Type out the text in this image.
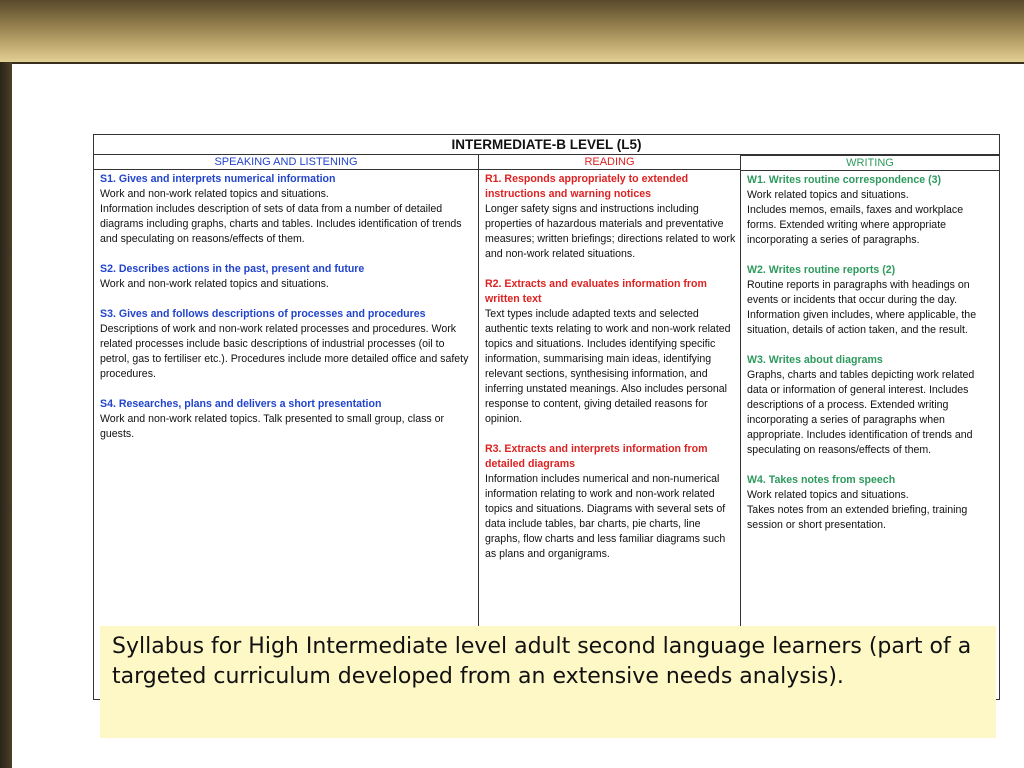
INTERMEDIATE-B LEVEL (L5)
SPEAKING AND LISTENING
S1. Gives and interprets numerical information
Work and non-work related topics and situations.
Information includes description of sets of data from a number of detailed diagrams including graphs, charts and tables. Includes identification of trends and speculating on reasons/effects of them.
S2. Describes actions in the past, present and future
Work and non-work related topics and situations.
S3. Gives and follows descriptions of processes and procedures
Descriptions of work and non-work related processes and procedures. Work related processes include basic descriptions of industrial processes (oil to petrol, gas to fertiliser etc.). Procedures include more detailed office and safety procedures.
S4. Researches, plans and delivers a short presentation
Work and non-work related topics. Talk presented to small group, class or guests.
READING
R1. Responds appropriately to extended instructions and warning notices
Longer safety signs and instructions including properties of hazardous materials and preventative measures; written briefings; directions related to work and non-work related situations.
R2. Extracts and evaluates information from written text
Text types include adapted texts and selected authentic texts relating to work and non-work related topics and situations. Includes identifying specific information, summarising main ideas, identifying relevant sections, synthesising information, and inferring unstated meanings. Also includes personal response to content, giving detailed reasons for opinion.
R3. Extracts and interprets information from detailed diagrams
Information includes numerical and non-numerical information relating to work and non-work related topics and situations. Diagrams with several sets of data include tables, bar charts, pie charts, line graphs, flow charts and less familiar diagrams such as plans and organigrams.
WRITING
W1. Writes routine correspondence (3)
Work related topics and situations.
Includes memos, emails, faxes and workplace forms. Extended writing where appropriate incorporating a series of paragraphs.
W2. Writes routine reports (2)
Routine reports in paragraphs with headings on events or incidents that occur during the day.
Information given includes, where applicable, the situation, details of action taken, and the result.
W3. Writes about diagrams
Graphs, charts and tables depicting work related data or information of general interest. Includes descriptions of a process. Extended writing incorporating a series of paragraphs when appropriate. Includes identification of trends and speculating on reasons/effects of them.
W4. Takes notes from speech
Work related topics and situations.
Takes notes from an extended briefing, training session or short presentation.
Syllabus for High Intermediate level adult second language learners (part of a targeted curriculum developed from an extensive needs analysis).
